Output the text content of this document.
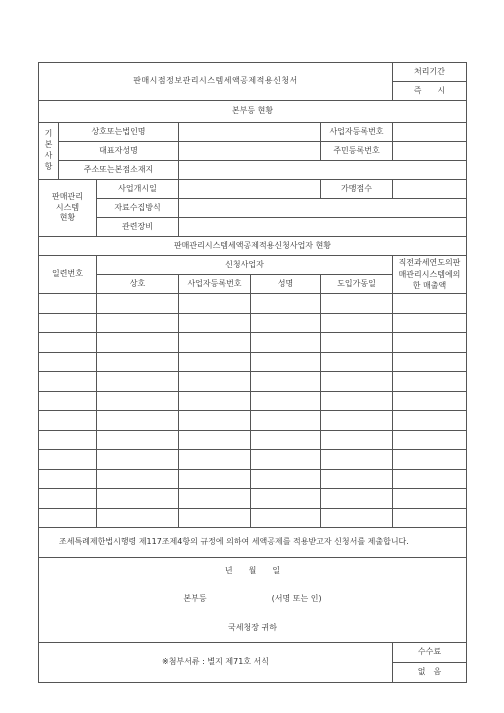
판매시점정보관리시스템세액공제적용신청서						처리기간
						즉　　시
본부등 현황						
기
본
사
항	상호또는법인명				사업자등록번호	
	대표자성명				주민등록번호	
	주소또는본점소재지					
판매관리
시스템
현황		사업개시일			가맹점수	
		자료수집방식				
		관련장비				
판매관리시스템세액공제적용신청사업자 현황						
일련번호		신청사업자				직전과세연도의판
매관리시스템에의
한 매출액
		상호	사업자등록번호	성명	도입가동일	

조세특례제한법시행령 제117조제4항의 규정에 의하여 세액공제를 적용받고자 신청서를 제출합니다.						
년　　월　　일						
본부등 (서명 또는 인)						
국세청장 귀하						
※첨부서류 : 별지 제71호 서식						수수료
						없　음
